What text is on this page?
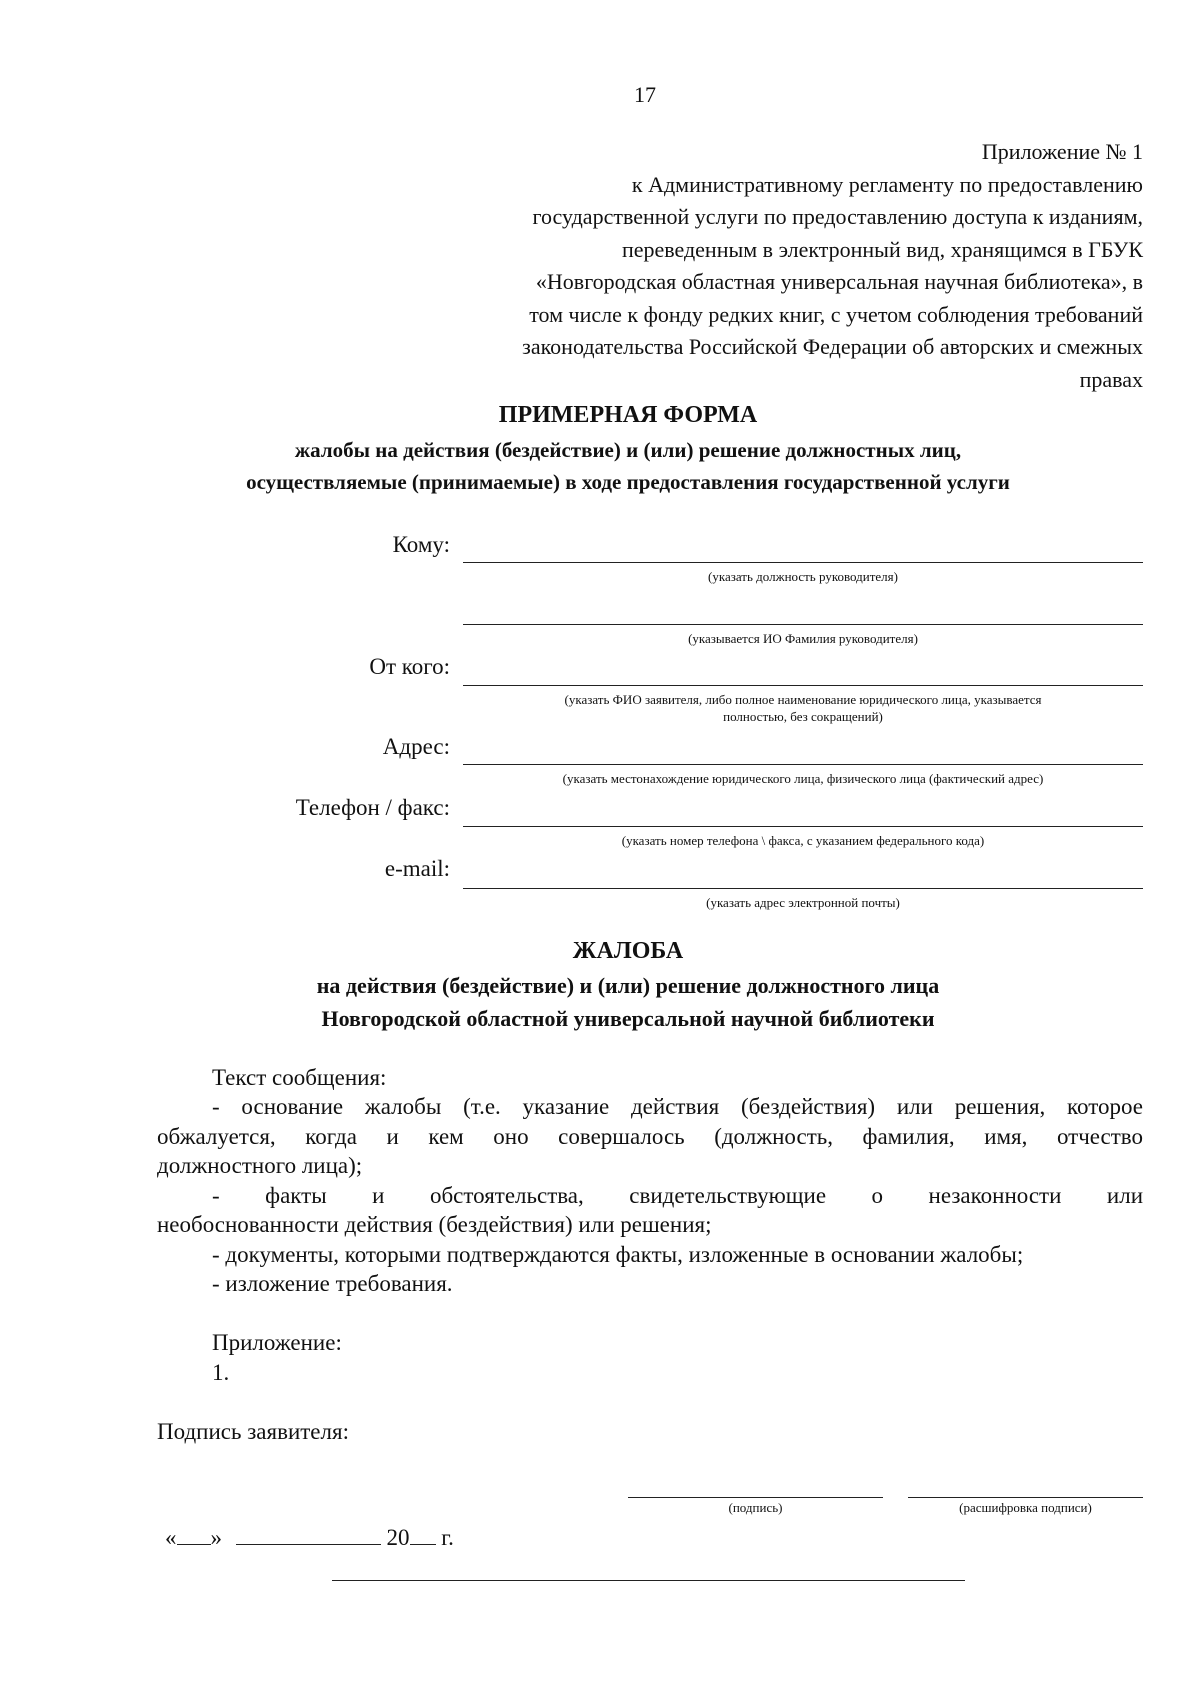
17
Приложение № 1
к Административному регламенту по предоставлению
государственной услуги по предоставлению доступа к изданиям,
переведенным в электронный вид, хранящимся в ГБУК
«Новгородская областная универсальная научная библиотека», в
том числе к фонду редких книг, с учетом соблюдения требований
законодательства Российской Федерации об авторских и смежных
правах
ПРИМЕРНАЯ ФОРМА
жалобы на действия (бездействие) и (или) решение должностных лиц,
осуществляемые (принимаемые) в ходе предоставления государственной услуги
Кому:
(указать должность руководителя)
(указывается ИО Фамилия руководителя)
От кого:
(указать ФИО заявителя, либо полное наименование юридического лица, указывается
полностью, без сокращений)
Адрес:
(указать местонахождение юридического лица, физического лица (фактический адрес)
Телефон / факс:
(указать номер телефона \ факса, с указанием федерального кода)
e-mail:
(указать адрес электронной почты)
ЖАЛОБА
на действия (бездействие) и (или) решение должностного лица
Новгородской областной универсальной научной библиотеки
Текст сообщения:
- основание жалобы (т.е. указание действия (бездействия) или решения, которое
обжалуется, когда и кем оно совершалось (должность, фамилия, имя, отчество
должностного лица);
- факты и обстоятельства, свидетельствующие о незаконности или
необоснованности действия (бездействия) или решения;
- документы, которыми подтверждаются факты, изложенные в основании жалобы;
- изложение требования.
Приложение:
1.
Подпись заявителя:
(подпись)	(расшифровка подписи)
« »	20 г.
